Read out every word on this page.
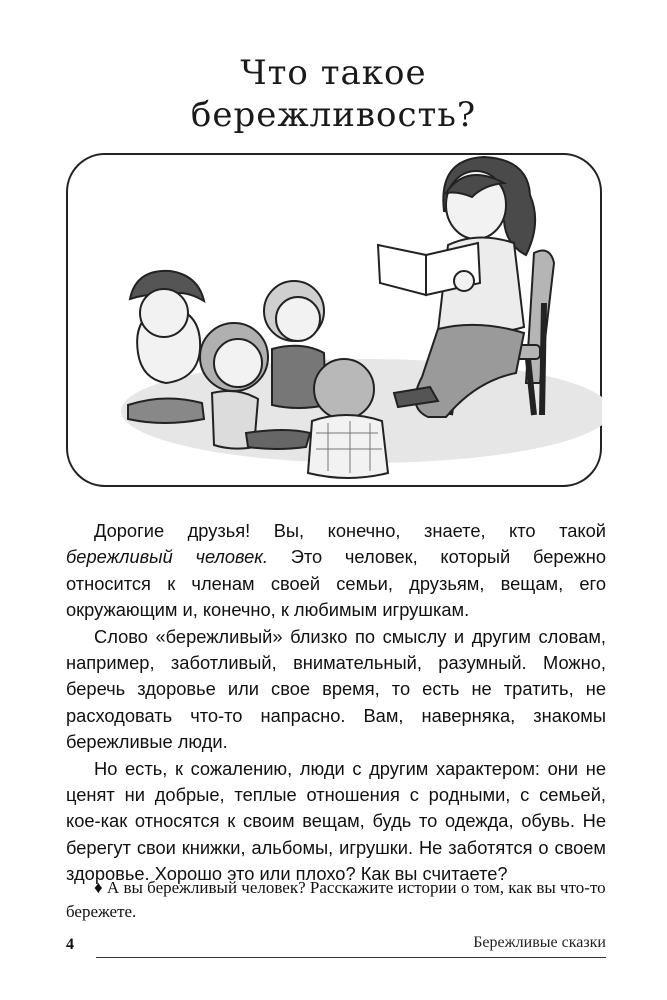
Что такое
бережливость?

Дорогие друзья! Вы, конечно, знаете, кто такой бережливый человек. Это человек, который бережно относится к членам своей семьи, друзьям, вещам, его окружающим и, конечно, к любимым игрушкам.

Слово «бережливый» близко по смыслу и другим словам, например, заботливый, внимательный, разумный. Можно, беречь здоровье или свое время, то есть не тратить, не расходовать что-то напрасно. Вам, наверняка, знакомы бережливые люди.

Но есть, к сожалению, люди с другим характером: они не ценят ни добрые, теплые отношения с родными, с семьей, кое-как относятся к своим вещам, будь то одежда, обувь. Не берегут свои книжки, альбомы, игрушки. Не заботятся о своем здоровье. Хорошо это или плохо? Как вы считаете?

♦ А вы бережливый человек? Расскажите истории о том, как вы что-то бережете.
4	Бережливые сказки
